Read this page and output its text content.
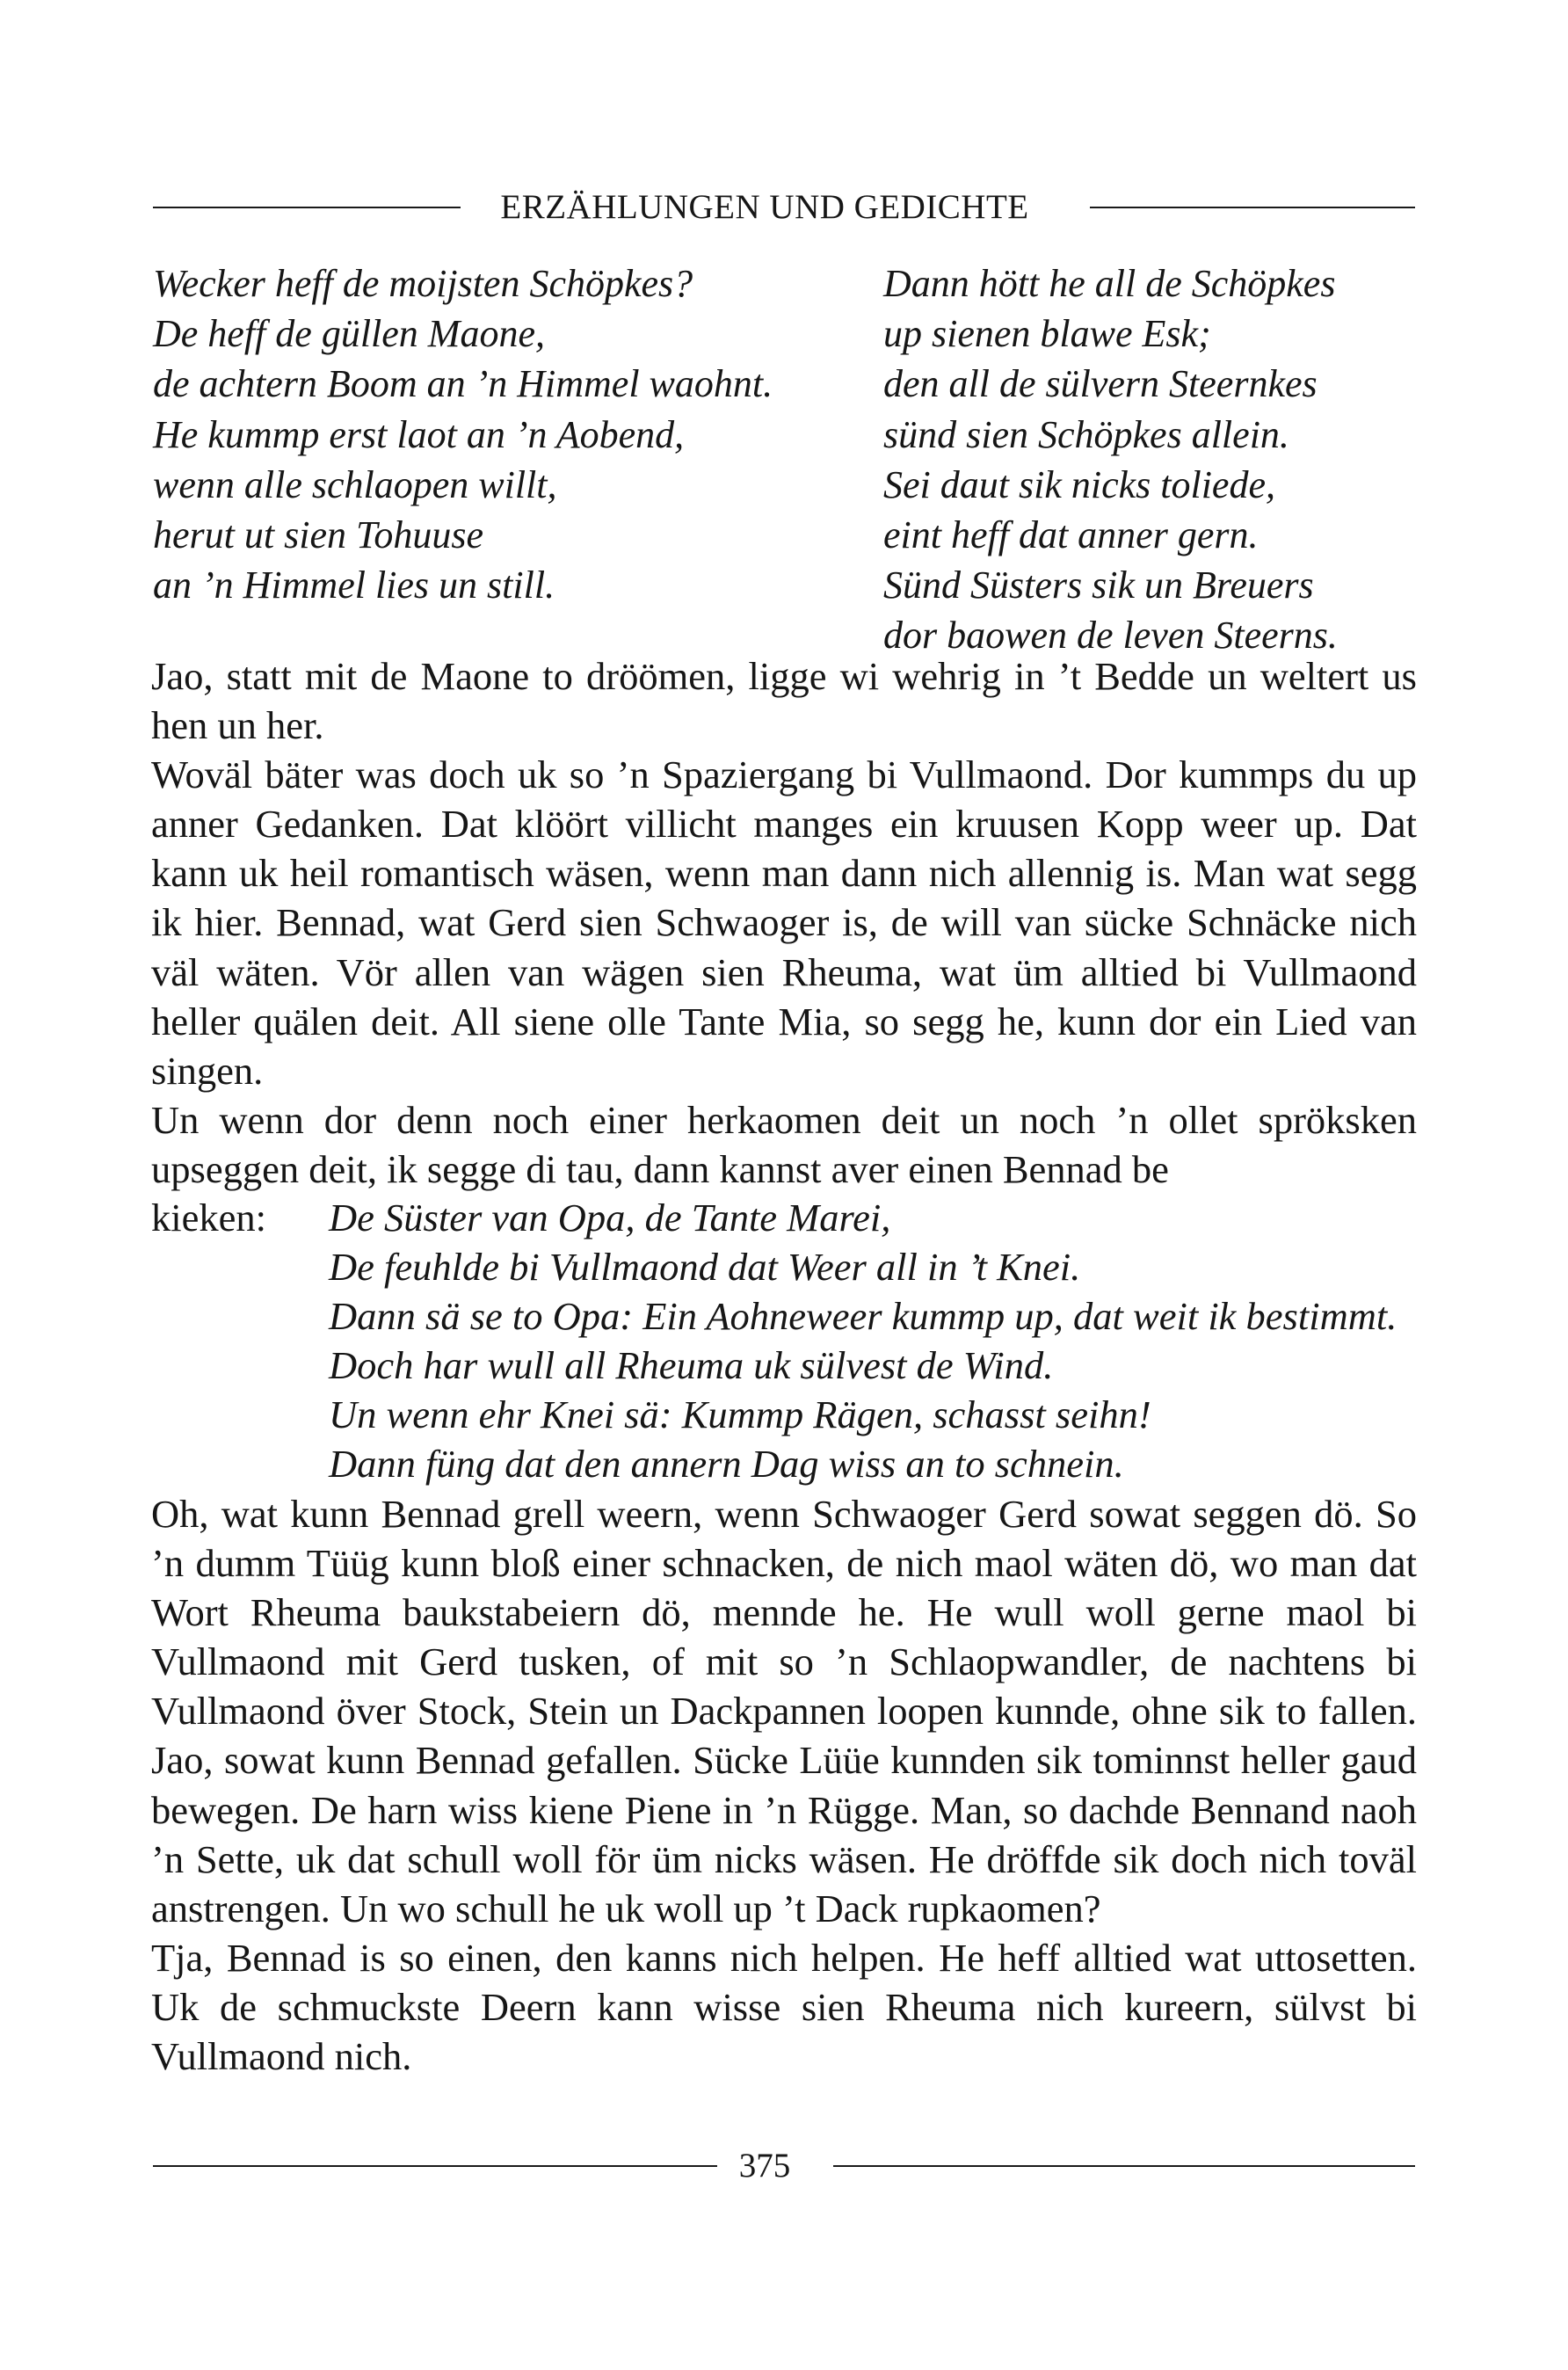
ERZÄHLUNGEN UND GEDICHTE
Wecker heff de moijsten Schöpkes?
De heff de güllen Maone,
de achtern Boom an ’n Himmel waohnt.
He kummp erst laot an ’n Aobend,
wenn alle schlaopen willt,
herut ut sien Tohuuse
an ’n Himmel lies un still.
Dann hött he all de Schöpkes
up sienen blawe Esk;
den all de sülvern Steernkes
sünd sien Schöpkes allein.
Sei daut sik nicks toliede,
eint heff dat anner gern.
Sünd Süsters sik un Breuers
dor baowen de leven Steerns.

Jao, statt mit de Maone to dröömen, ligge wi wehrig in ’t Bedde un weltert us hen un her.

Woväl bäter was doch uk so ’n Spaziergang bi Vullmaond. Dor kummps du up anner Gedanken. Dat klöört villicht manges ein kruusen Kopp weer up. Dat kann uk heil romantisch wäsen, wenn man dann nich allennig is. Man wat segg ik hier. Bennad, wat Gerd sien Schwaoger is, de will van sücke Schnäcke nich väl wäten. Vör allen van wägen sien Rheuma, wat üm alltied bi Vullmaond heller quälen deit. All siene olle Tante Mia, so segg he, kunn dor ein Lied van singen.

Un wenn dor denn noch einer herkaomen deit un noch ’n ollet spröksken upseggen deit, ik segge di tau, dann kannst aver einen Bennad be

kieken: De Süster van Opa, de Tante Marei,
De feuhlde bi Vullmaond dat Weer all in ’t Knei.
Dann sä se to Opa: Ein Aohneweer kummp up, dat weit ik bestimmt.
Doch har wull all Rheuma uk sülvest de Wind.
Un wenn ehr Knei sä: Kummp Rägen, schasst seihn!
Dann füng dat den annern Dag wiss an to schnein.

Oh, wat kunn Bennad grell weern, wenn Schwaoger Gerd sowat seggen dö. So ’n dumm Tüüg kunn bloß einer schnacken, de nich maol wäten dö, wo man dat Wort Rheuma baukstabeiern dö, mennde he. He wull woll gerne maol bi Vullmaond mit Gerd tusken, of mit so ’n Schlaopwandler, de nachtens bi Vullmaond över Stock, Stein un Dackpannen loopen kunnde, ohne sik to fallen. Jao, sowat kunn Bennad gefallen. Sücke Lüüe kunnden sik tominnst heller gaud bewegen. De harn wiss kiene Piene in ’n Rügge. Man, so dachde Bennand naoh ’n Sette, uk dat schull woll för üm nicks wäsen. He dröffde sik doch nich toväl anstrengen. Un wo schull he uk woll up ’t Dack rupkaomen?

Tja, Bennad is so einen, den kanns nich helpen. He heff alltied wat uttosetten. Uk de schmuckste Deern kann wisse sien Rheuma nich kureern, sülvst bi Vullmaond nich.

375
